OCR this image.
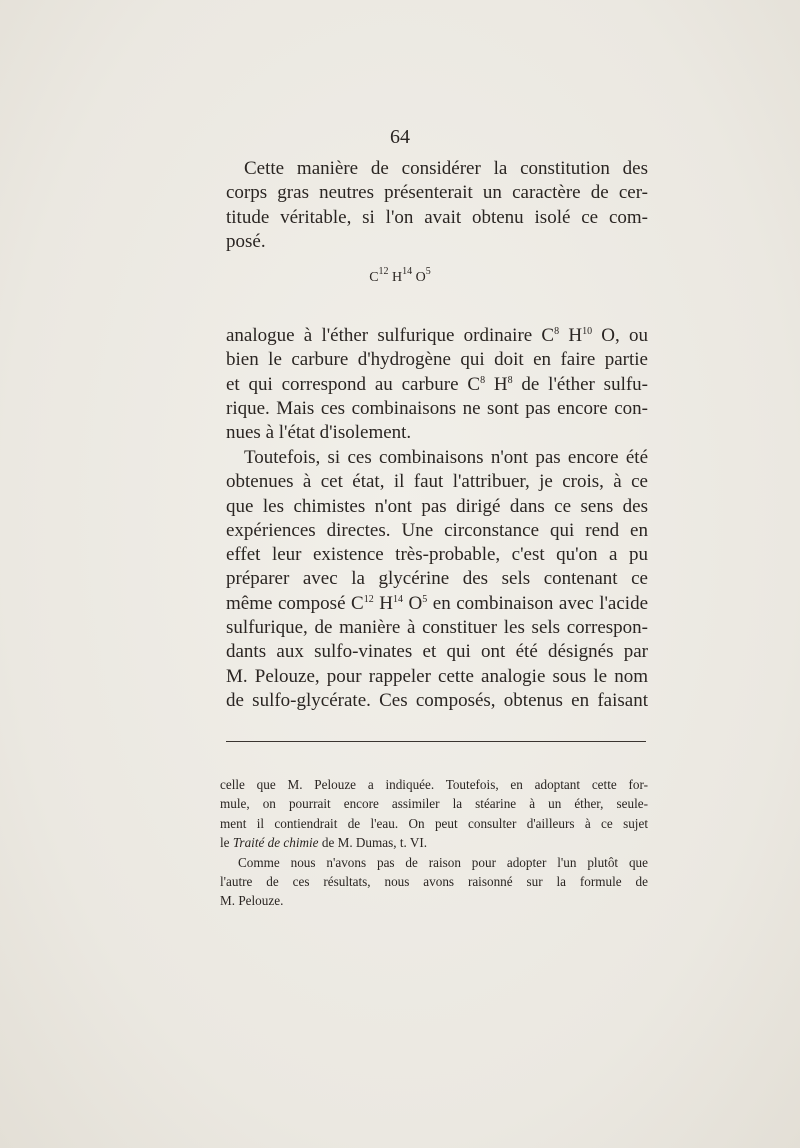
64
Cette manière de considérer la constitution des
corps gras neutres présenterait un caractère de cer-
titude véritable, si l'on avait obtenu isolé ce com-
posé.
$C^{12}$ $H^{14}$ $O^5$
analogue à l'éther sulfurique ordinaire $C^8$ $H^{10}$ O, ou
bien le carbure d'hydrogène qui doit en faire partie
et qui correspond au carbure $C^8$ $H^8$ de l'éther sulfu-
rique. Mais ces combinaisons ne sont pas encore con-
nues à l'état d'isolement.
Toutefois, si ces combinaisons n'ont pas encore été
obtenues à cet état, il faut l'attribuer, je crois, à ce
que les chimistes n'ont pas dirigé dans ce sens des
expériences directes. Une circonstance qui rend en
effet leur existence très-probable, c'est qu'on a pu
préparer avec la glycérine des sels contenant ce
même composé $C^{12}$ $H^{14}$ $O^5$ en combinaison avec l'acide
sulfurique, de manière à constituer les sels correspon-
dants aux sulfo-vinates et qui ont été désignés par
M. Pelouze, pour rappeler cette analogie sous le nom
de sulfo-glycérate. Ces composés, obtenus en faisant
celle que M. Pelouze a indiquée. Toutefois, en adoptant cette for-
mule, on pourrait encore assimiler la stéarine à un éther, seule-
ment il contiendrait de l'eau. On peut consulter d'ailleurs à ce sujet
le Traité de chimie de M. Dumas, t. VI.
Comme nous n'avons pas de raison pour adopter l'un plutôt que
l'autre de ces résultats, nous avons raisonné sur la formule de
M. Pelouze.
